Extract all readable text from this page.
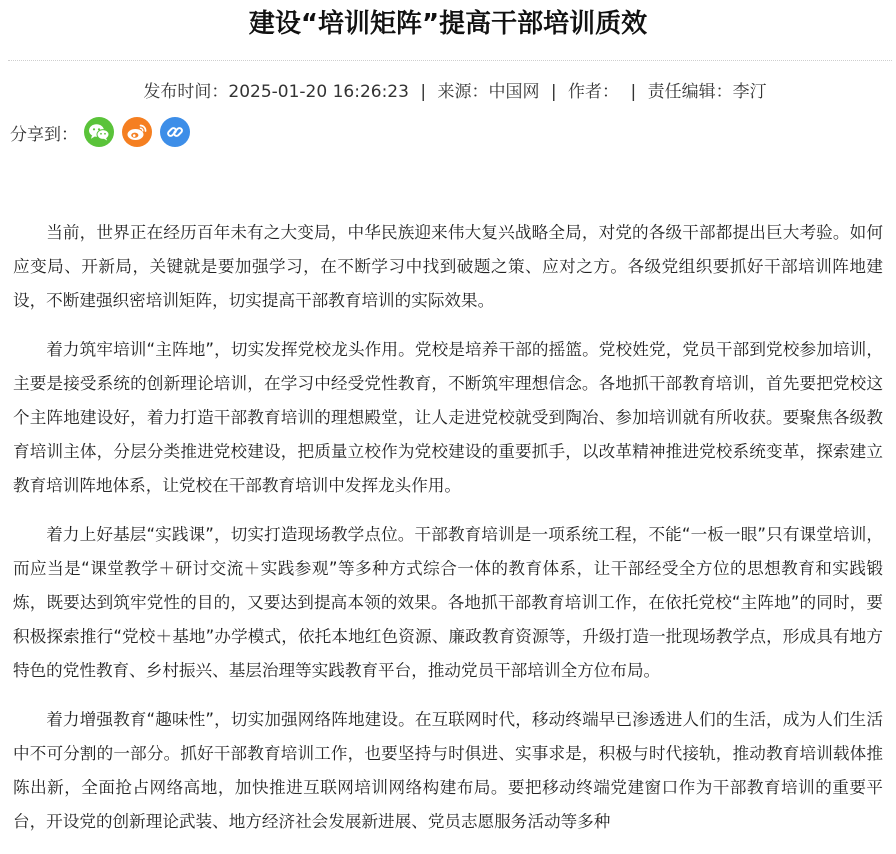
建设“培训矩阵”提高干部培训质效
发布时间：2025-01-20 16:26:23 | 来源：中国网 | 作者： | 责任编辑：李汀
分享到：

当前，世界正在经历百年未有之大变局，中华民族迎来伟大复兴战略全局，对党的各级干部都提出巨大考验。如何应变局、开新局，关键就是要加强学习，在不断学习中找到破题之策、应对之方。各级党组织要抓好干部培训阵地建设，不断建强织密培训矩阵，切实提高干部教育培训的实际效果。

着力筑牢培训“主阵地”，切实发挥党校龙头作用。党校是培养干部的摇篮。党校姓党，党员干部到党校参加培训，主要是接受系统的创新理论培训，在学习中经受党性教育，不断筑牢理想信念。各地抓干部教育培训，首先要把党校这个主阵地建设好，着力打造干部教育培训的理想殿堂，让人走进党校就受到陶冶、参加培训就有所收获。要聚焦各级教育培训主体，分层分类推进党校建设，把质量立校作为党校建设的重要抓手，以改革精神推进党校系统变革，探索建立教育培训阵地体系，让党校在干部教育培训中发挥龙头作用。

着力上好基层“实践课”，切实打造现场教学点位。干部教育培训是一项系统工程，不能“一板一眼”只有课堂培训，而应当是“课堂教学＋研讨交流＋实践参观”等多种方式综合一体的教育体系，让干部经受全方位的思想教育和实践锻炼，既要达到筑牢党性的目的，又要达到提高本领的效果。各地抓干部教育培训工作，在依托党校“主阵地”的同时，要积极探索推行“党校＋基地”办学模式，依托本地红色资源、廉政教育资源等，升级打造一批现场教学点，形成具有地方特色的党性教育、乡村振兴、基层治理等实践教育平台，推动党员干部培训全方位布局。

着力增强教育“趣味性”，切实加强网络阵地建设。在互联网时代，移动终端早已渗透进人们的生活，成为人们生活中不可分割的一部分。抓好干部教育培训工作，也要坚持与时俱进、实事求是，积极与时代接轨，推动教育培训载体推陈出新，全面抢占网络高地，加快推进互联网培训网络构建布局。要把移动终端党建窗口作为干部教育培训的重要平台，开设党的创新理论武装、地方经济社会发展新进展、党员志愿服务活动等多种
